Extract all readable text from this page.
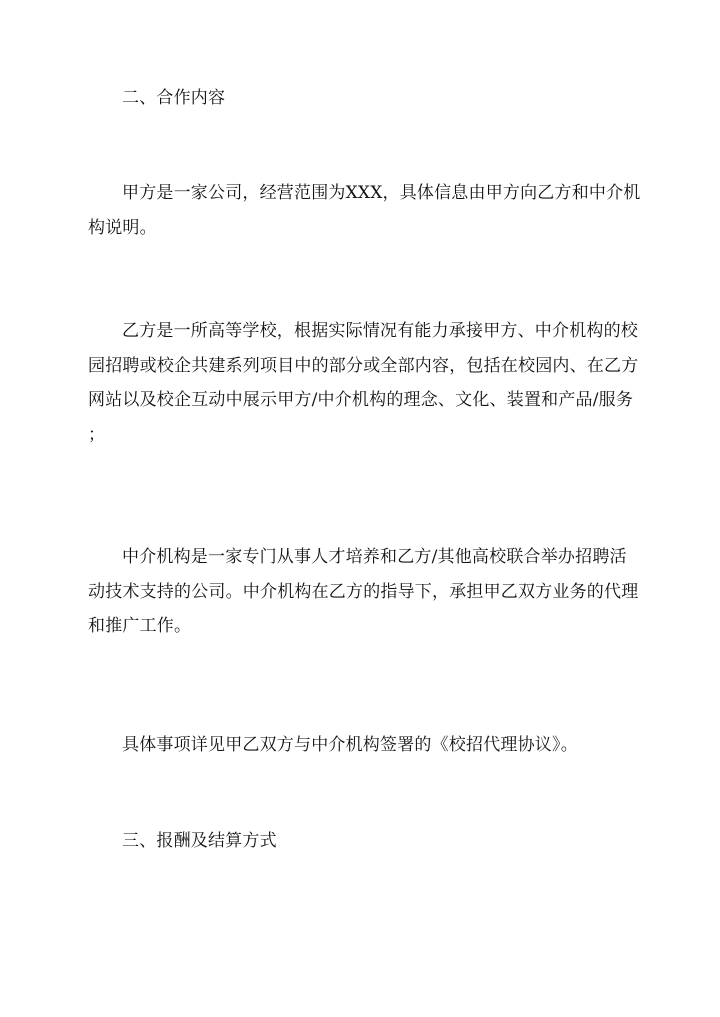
二、合作内容
甲方是一家公司，经营范围为XXX，具体信息由甲方向乙方和中介机
构说明。
乙方是一所高等学校，根据实际情况有能力承接甲方、中介机构的校
园招聘或校企共建系列项目中的部分或全部内容，包括在校园内、在乙方
网站以及校企互动中展示甲方/中介机构的理念、文化、装置和产品/服务
；
中介机构是一家专门从事人才培养和乙方/其他高校联合举办招聘活
动技术支持的公司。中介机构在乙方的指导下，承担甲乙双方业务的代理
和推广工作。
具体事项详见甲乙双方与中介机构签署的《校招代理协议》。
三、报酬及结算方式
